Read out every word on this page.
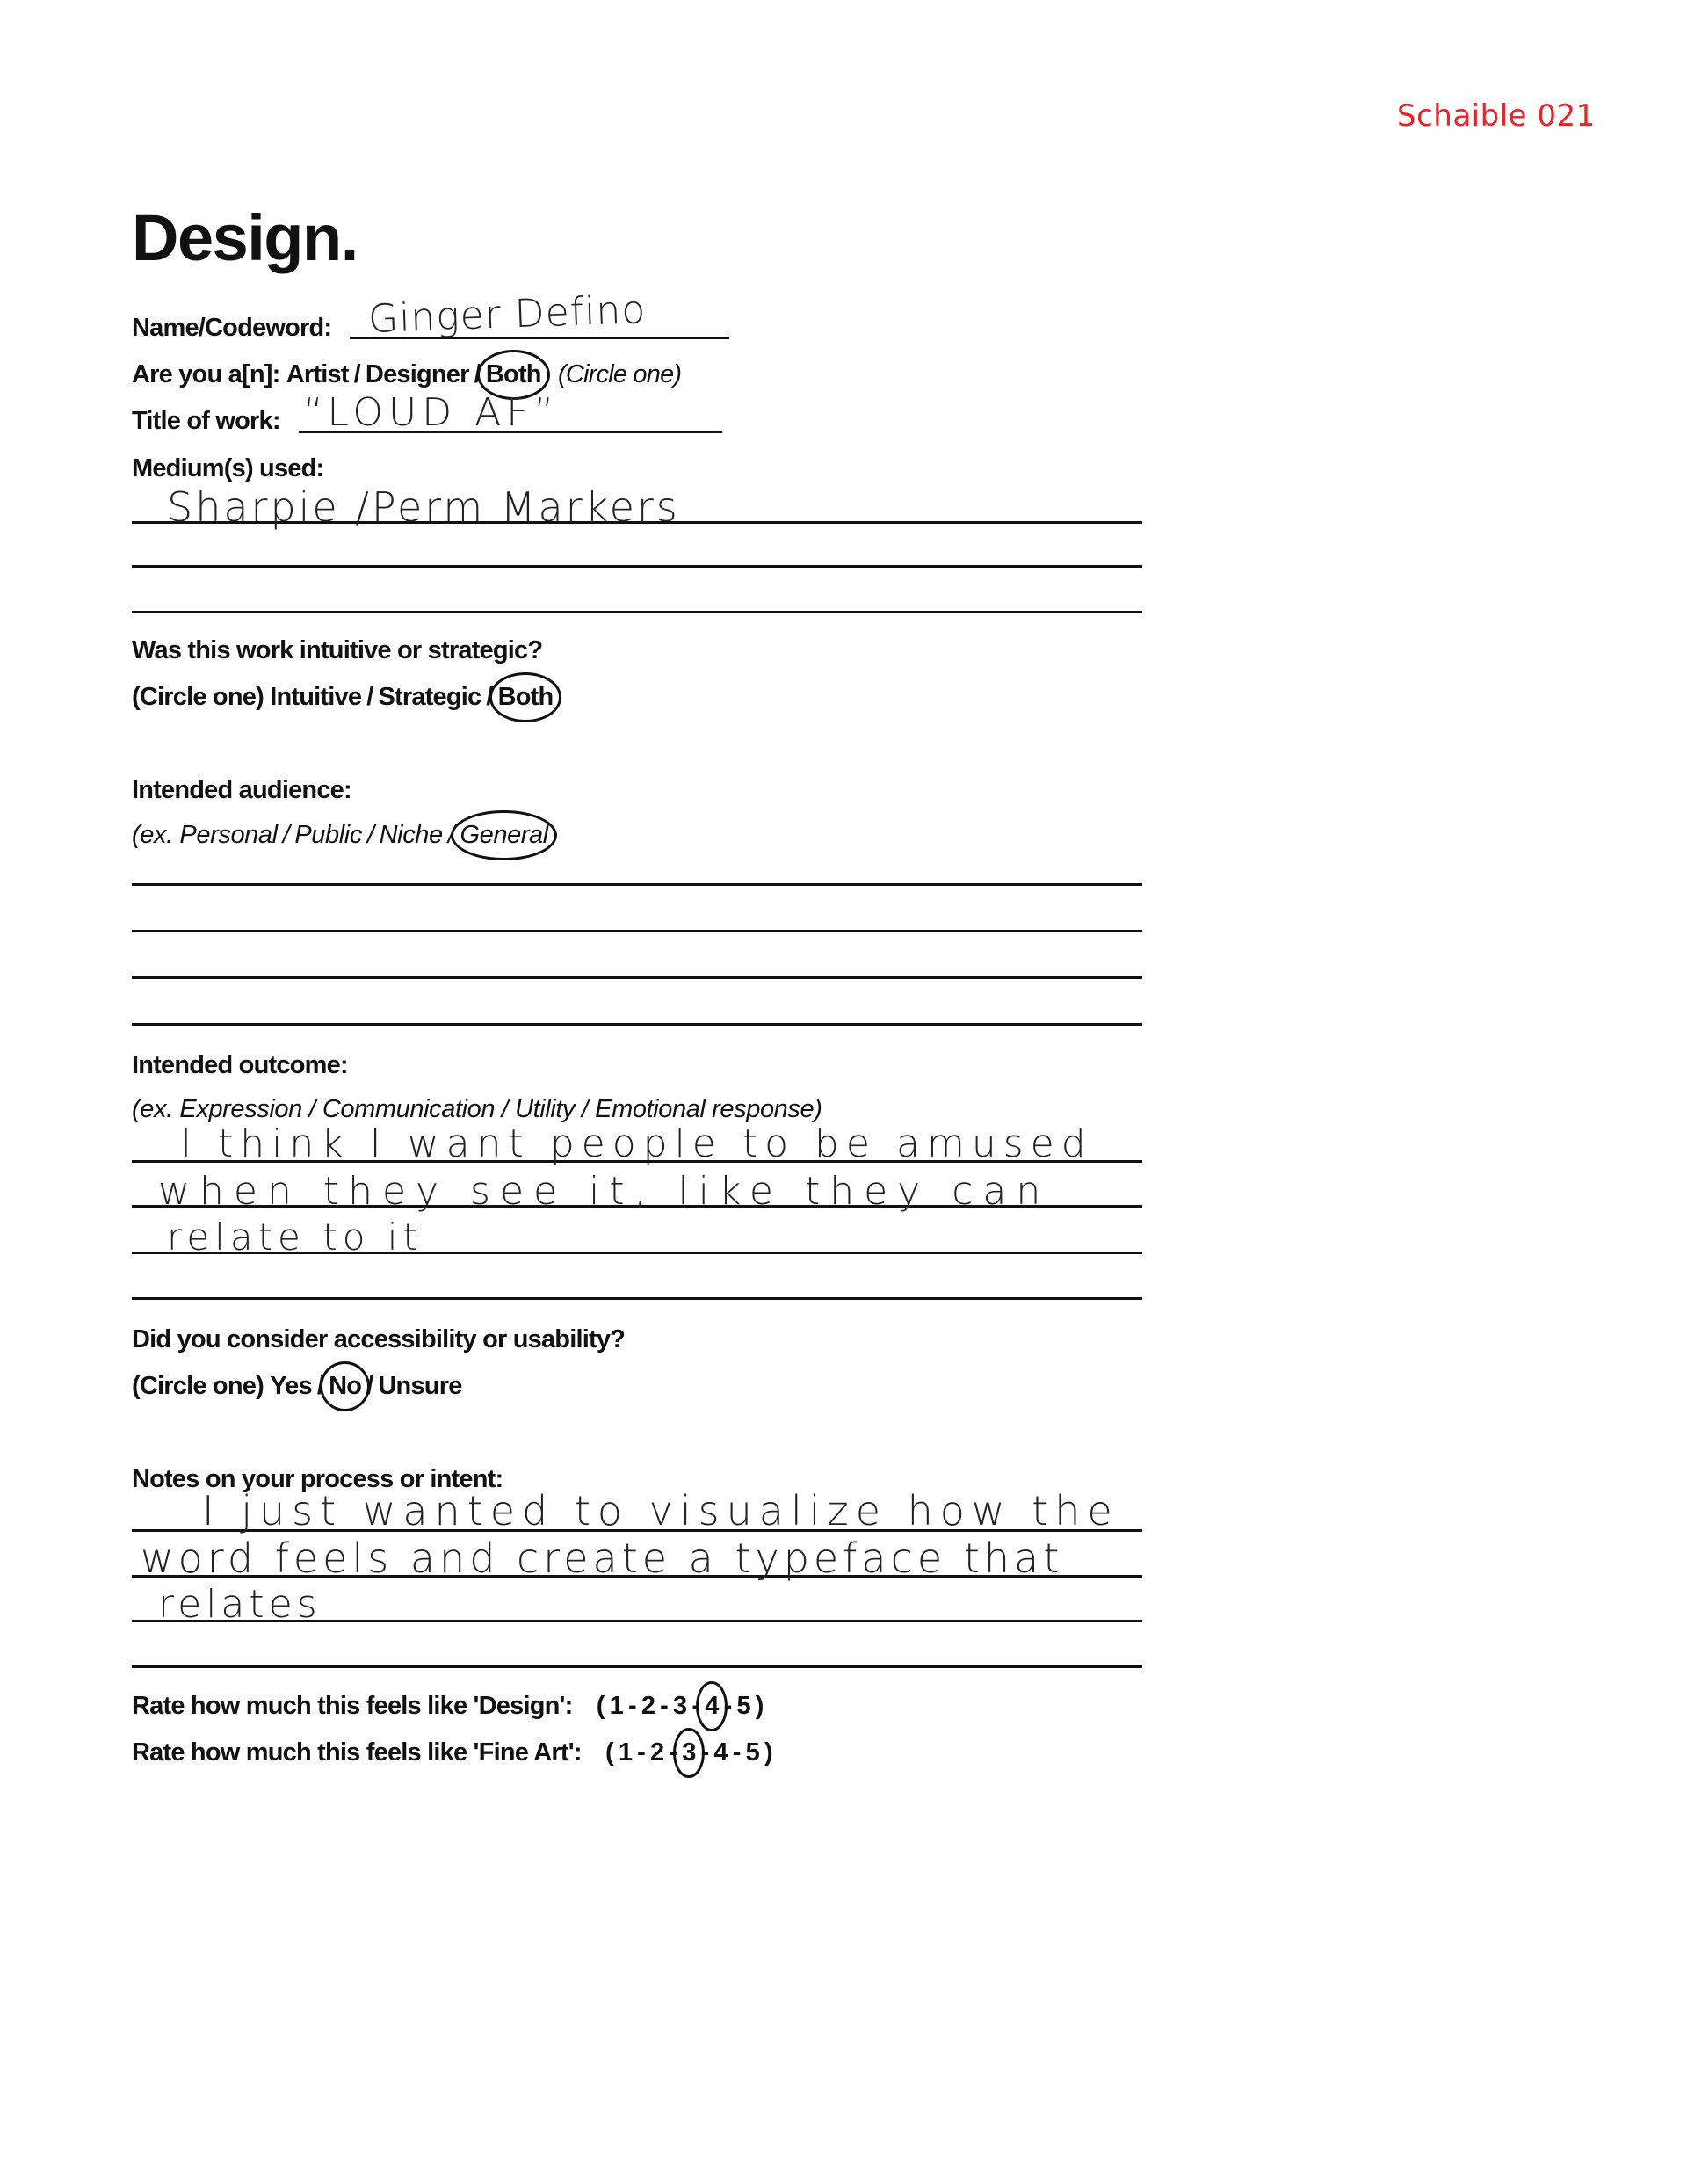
Schaible 021
Design.
Name/Codeword: Ginger Defino
Are you a[n]: Artist / Designer / Both (Circle one)
Title of work: “LOUD AF”
Medium(s) used:
Sharpie /Perm Markers
Was this work intuitive or strategic?
(Circle one) Intuitive / Strategic / Both
Intended audience:
(ex. Personal / Public / Niche / General
Intended outcome:
(ex. Expression / Communication / Utility / Emotional response)
I think I want people to be amused
when they see it, like they can
relate to it
Did you consider accessibility or usability?
(Circle one) Yes / No / Unsure
Notes on your process or intent:
I just wanted to visualize how the
word feels and create a typeface that
relates
Rate how much this feels like 'Design': ( 1 - 2 - 3 - 4 - 5 )
Rate how much this feels like 'Fine Art': ( 1 - 2 - 3 - 4 - 5 )
